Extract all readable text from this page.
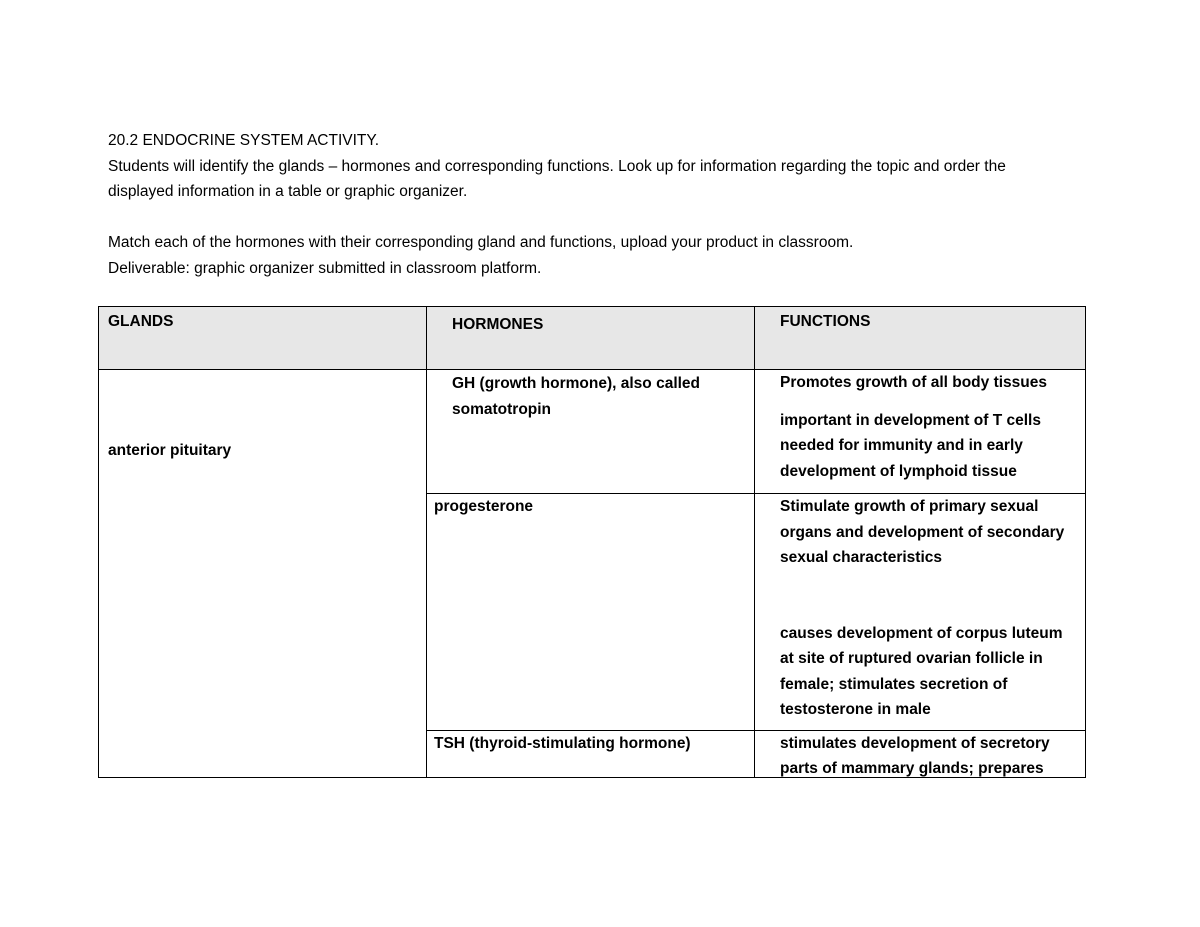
20.2 ENDOCRINE SYSTEM ACTIVITY.

Students will identify the glands – hormones and corresponding functions. Look up for information regarding the topic and order the

displayed information in a table or graphic organizer.

Match each of the hormones with their corresponding gland and functions, upload your product in classroom.

Deliverable: graphic organizer submitted in classroom platform.

GLANDS	HORMONES	FUNCTIONS

anterior pituitary	GH (growth hormone), also called somatotropin	Promotes growth of all body tissues

important in development of T cells needed for immunity and in early development of lymphoid tissue

	progesterone	Stimulate growth of primary sexual organs and development of secondary sexual characteristics

causes development of corpus luteum at site of ruptured ovarian follicle in female; stimulates secretion of testosterone in male

	TSH (thyroid-stimulating hormone)	stimulates development of secretory parts of mammary glands; prepares
